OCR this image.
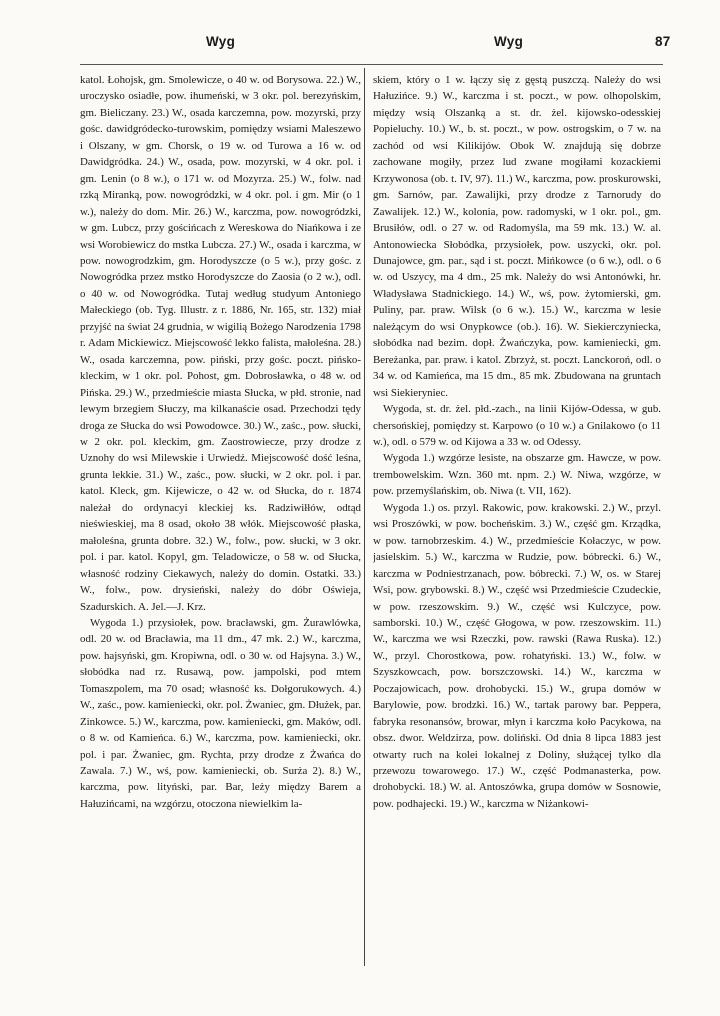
Wyg	Wyg	87

katol. Łohojsk, gm. Smolewicze, o 40 w. od Borysowa. 22.) W., uroczysko osiadłe, pow. ihumeński, w 3 okr. pol. berezyńskim, gm. Bieliczany. 23.) W., osada karczemna, pow. mozyrski, przy gośc. dawidgródecko-turowskim, pomiędzy wsiami Maleszewo i Olszany, w gm. Chorsk, o 19 w. od Turowa a 16 w. od Dawidgródka. 24.) W., osada, pow. mozyrski, w 4 okr. pol. i gm. Lenin (o 8 w.), o 171 w. od Mozyrza. 25.) W., folw. nad rzką Miranką, pow. nowogródzki, w 4 okr. pol. i gm. Mir (o 1 w.), należy do dom. Mir. 26.) W., karczma, pow. nowogródzki, w gm. Lubcz, przy gościńcach z Wereskowa do Niańkowa i ze wsi Worobiewicz do mstka Lubcza. 27.) W., osada i karczma, w pow. nowogrodzkim, gm. Horodyszcze (o 5 w.), przy gośc. z Nowogródka przez mstko Horodyszcze do Zaosia (o 2 w.), odl. o 40 w. od Nowogródka. Tutaj według studyum Antoniego Małeckiego (ob. Tyg. Illustr. z r. 1886, Nr. 165, str. 132) miał przyjść na świat 24 grudnia, w wigilią Bożego Narodzenia 1798 r. Adam Mickiewicz. Miejscowość lekko falista, małoleśna. 28.) W., osada karczemna, pow. piński, przy gośc. poczt. pińsko-kleckim, w 1 okr. pol. Pohost, gm. Dobrosławka, o 48 w. od Pińska. 29.) W., przedmieście miasta Słucka, w płd. stronie, nad lewym brzegiem Słuczy, ma kilkanaście osad. Przechodzi tędy droga ze Słucka do wsi Powodowce. 30.) W., zaśc., pow. słucki, w 2 okr. pol. kleckim, gm. Zaostrowiecze, przy drodze z Uznohy do wsi Milewskie i Urwiedź. Miejscowość dość leśna, grunta lekkie. 31.) W., zaśc., pow. słucki, w 2 okr. pol. i par. katol. Kleck, gm. Kijewicze, o 42 w. od Słucka, do r. 1874 należał do ordynacyi kleckiej ks. Radziwiłłów, odtąd nieświeskiej, ma 8 osad, około 38 włók. Miejscowość płaska, małoleśna, grunta dobre. 32.) W., folw., pow. słucki, w 3 okr. pol. i par. katol. Kopyl, gm. Teladowicze, o 58 w. od Słucka, własność rodziny Ciekawych, należy do domin. Ostatki. 33.) W., folw., pow. drysieński, należy do dóbr Oświeja, Szadurskich. A. Jel.—J. Krz.

Wygoda 1.) przysiołek, pow. bracławski, gm. Żurawlówka, odl. 20 w. od Bracławia, ma 11 dm., 47 mk. 2.) W., karczma, pow. hajsyński, gm. Kropiwna, odl. o 30 w. od Hajsyna. 3.) W., słobódka nad rz. Rusawą, pow. jampolski, pod mtem Tomaszpolem, ma 70 osad; własność ks. Dołgorukowych. 4.) W., zaśc., pow. kamieniecki, okr. pol. Żwaniec, gm. Dłużek, par. Zinkowce. 5.) W., karczma, pow. kamieniecki, gm. Maków, odl. o 8 w. od Kamieńca. 6.) W., karczma, pow. kamieniecki, okr. pol. i par. Żwaniec, gm. Rychta, przy drodze z Żwańca do Zawala. 7.) W., wś, pow. kamieniecki, ob. Surża 2). 8.) W., karczma, pow. lityński, par. Bar, leży między Barem a Hałuzińcami, na wzgórzu, otoczona niewielkim la-

skiem, który o 1 w. łączy się z gęstą puszczą. Należy do wsi Hałuzińce. 9.) W., karczma i st. poczt., w pow. olhopolskim, między wsią Olszanką a st. dr. żel. kijowsko-odesskiej Popieluchy. 10.) W., b. st. poczt., w pow. ostrogskim, o 7 w. na zachód od wsi Kilikijów. Obok W. znajdują się dobrze zachowane mogiły, przez lud zwane mogiłami kozackiemi Krzywonosa (ob. t. IV, 97). 11.) W., karczma, pow. proskurowski, gm. Sarnów, par. Zawalijki, przy drodze z Tarnorudy do Zawalijek. 12.) W., kolonia, pow. radomyski, w 1 okr. pol., gm. Brusiłów, odl. o 27 w. od Radomyśla, ma 59 mk. 13.) W. al. Antonowiecka Słobódka, przysiołek, pow. uszycki, okr. pol. Dunajowce, gm. par., sąd i st. poczt. Mińkowce (o 6 w.), odl. o 6 w. od Uszycy, ma 4 dm., 25 mk. Należy do wsi Antonówki, hr. Władysława Stadnickiego. 14.) W., wś, pow. żytomierski, gm. Puliny, par. praw. Wilsk (o 6 w.). 15.) W., karczma w lesie należącym do wsi Onypkowce (ob.). 16). W. Siekierczyniecka, słobódka nad bezim. dopł. Żwańczyka, pow. kamieniecki, gm. Bereżanka, par. praw. i katol. Zbrzyż, st. poczt. Lanckoroń, odl. o 34 w. od Kamieńca, ma 15 dm., 85 mk. Zbudowana na gruntach wsi Siekieryniec.

Wygoda, st. dr. żel. płd.-zach., na linii Kijów-Odessa, w gub. chersońskiej, pomiędzy st. Karpowo (o 10 w.) a Gnilakowo (o 11 w.), odl. o 579 w. od Kijowa a 33 w. od Odessy.

Wygoda 1.) wzgórze lesiste, na obszarze gm. Hawcze, w pow. trembowelskim. Wzn. 360 mt. npm. 2.) W. Niwa, wzgórze, w pow. przemyślańskim, ob. Niwa (t. VII, 162).

Wygoda 1.) os. przyl. Rakowic, pow. krakowski. 2.) W., przyl. wsi Proszówki, w pow. bocheńskim. 3.) W., część gm. Krządka, w pow. tarnobrzeskim. 4.) W., przedmieście Kołaczyc, w pow. jasielskim. 5.) W., karczma w Rudzie, pow. bóbrecki. 6.) W., karczma w Podniestrzanach, pow. bóbrecki. 7.) W, os. w Starej Wsi, pow. grybowski. 8.) W., część wsi Przedmieście Czudeckie, w pow. rzeszowskim. 9.) W., część wsi Kulczyce, pow. samborski. 10.) W., część Głogowa, w pow. rzeszowskim. 11.) W., karczma we wsi Rzeczki, pow. rawski (Rawa Ruska). 12.) W., przyl. Chorostkowa, pow. rohatyński. 13.) W., folw. w Szyszkowcach, pow. borszczowski. 14.) W., karczma w Poczajowicach, pow. drohobycki. 15.) W., grupa domów w Barylowie, pow. brodzki. 16.) W., tartak parowy bar. Peppera, fabryka resonansów, browar, młyn i karczma koło Pacykowa, na obsz. dwor. Weldzirza, pow. doliński. Od dnia 8 lipca 1883 jest otwarty ruch na kolei lokalnej z Doliny, służącej tylko dla przewozu towarowego. 17.) W., część Podmanasterka, pow. drohobycki. 18.) W. al. Antoszówka, grupa domów w Sosnowie, pow. podhajecki. 19.) W., karczma w Niżankowi-
